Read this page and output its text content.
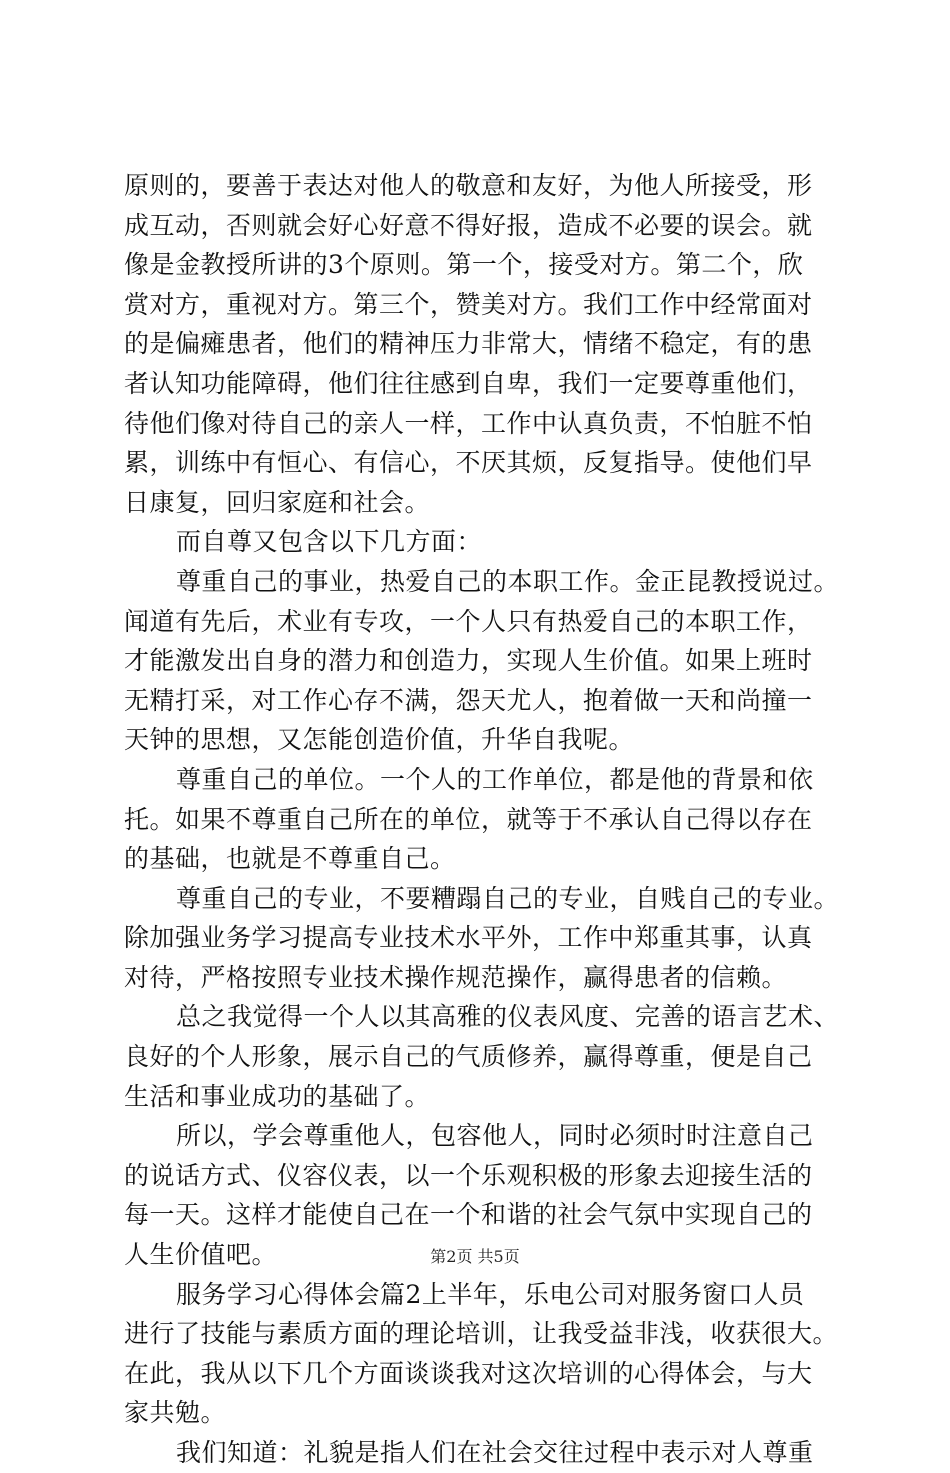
原则的，要善于表达对他人的敬意和友好，为他人所接受，形
成互动，否则就会好心好意不得好报，造成不必要的误会。就
像是金教授所讲的3个原则。第一个，接受对方。第二个，欣
赏对方，重视对方。第三个，赞美对方。我们工作中经常面对
的是偏瘫患者，他们的精神压力非常大，情绪不稳定，有的患
者认知功能障碍，他们往往感到自卑，我们一定要尊重他们，
待他们像对待自己的亲人一样，工作中认真负责，不怕脏不怕
累，训练中有恒心、有信心，不厌其烦，反复指导。使他们早
日康复，回归家庭和社会。
而自尊又包含以下几方面：
尊重自己的事业，热爱自己的本职工作。金正昆教授说过。
闻道有先后，术业有专攻，一个人只有热爱自己的本职工作，
才能激发出自身的潜力和创造力，实现人生价值。如果上班时
无精打采，对工作心存不满，怨天尤人，抱着做一天和尚撞一
天钟的思想，又怎能创造价值，升华自我呢。
尊重自己的单位。一个人的工作单位，都是他的背景和依
托。如果不尊重自己所在的单位，就等于不承认自己得以存在
的基础，也就是不尊重自己。
尊重自己的专业，不要糟蹋自己的专业，自贱自己的专业。
除加强业务学习提高专业技术水平外，工作中郑重其事，认真
对待，严格按照专业技术操作规范操作，赢得患者的信赖。
总之我觉得一个人以其高雅的仪表风度、完善的语言艺术、
良好的个人形象，展示自己的气质修养，赢得尊重，便是自己
生活和事业成功的基础了。
所以，学会尊重他人，包容他人，同时必须时时注意自己
的说话方式、仪容仪表，以一个乐观积极的形象去迎接生活的
每一天。这样才能使自己在一个和谐的社会气氛中实现自己的
人生价值吧。
服务学习心得体会篇2上半年，乐电公司对服务窗口人员
进行了技能与素质方面的理论培训，让我受益非浅，收获很大。
在此，我从以下几个方面谈谈我对这次培训的心得体会，与大
家共勉。
我们知道：礼貌是指人们在社会交往过程中表示对人尊重
第2页 共5页
